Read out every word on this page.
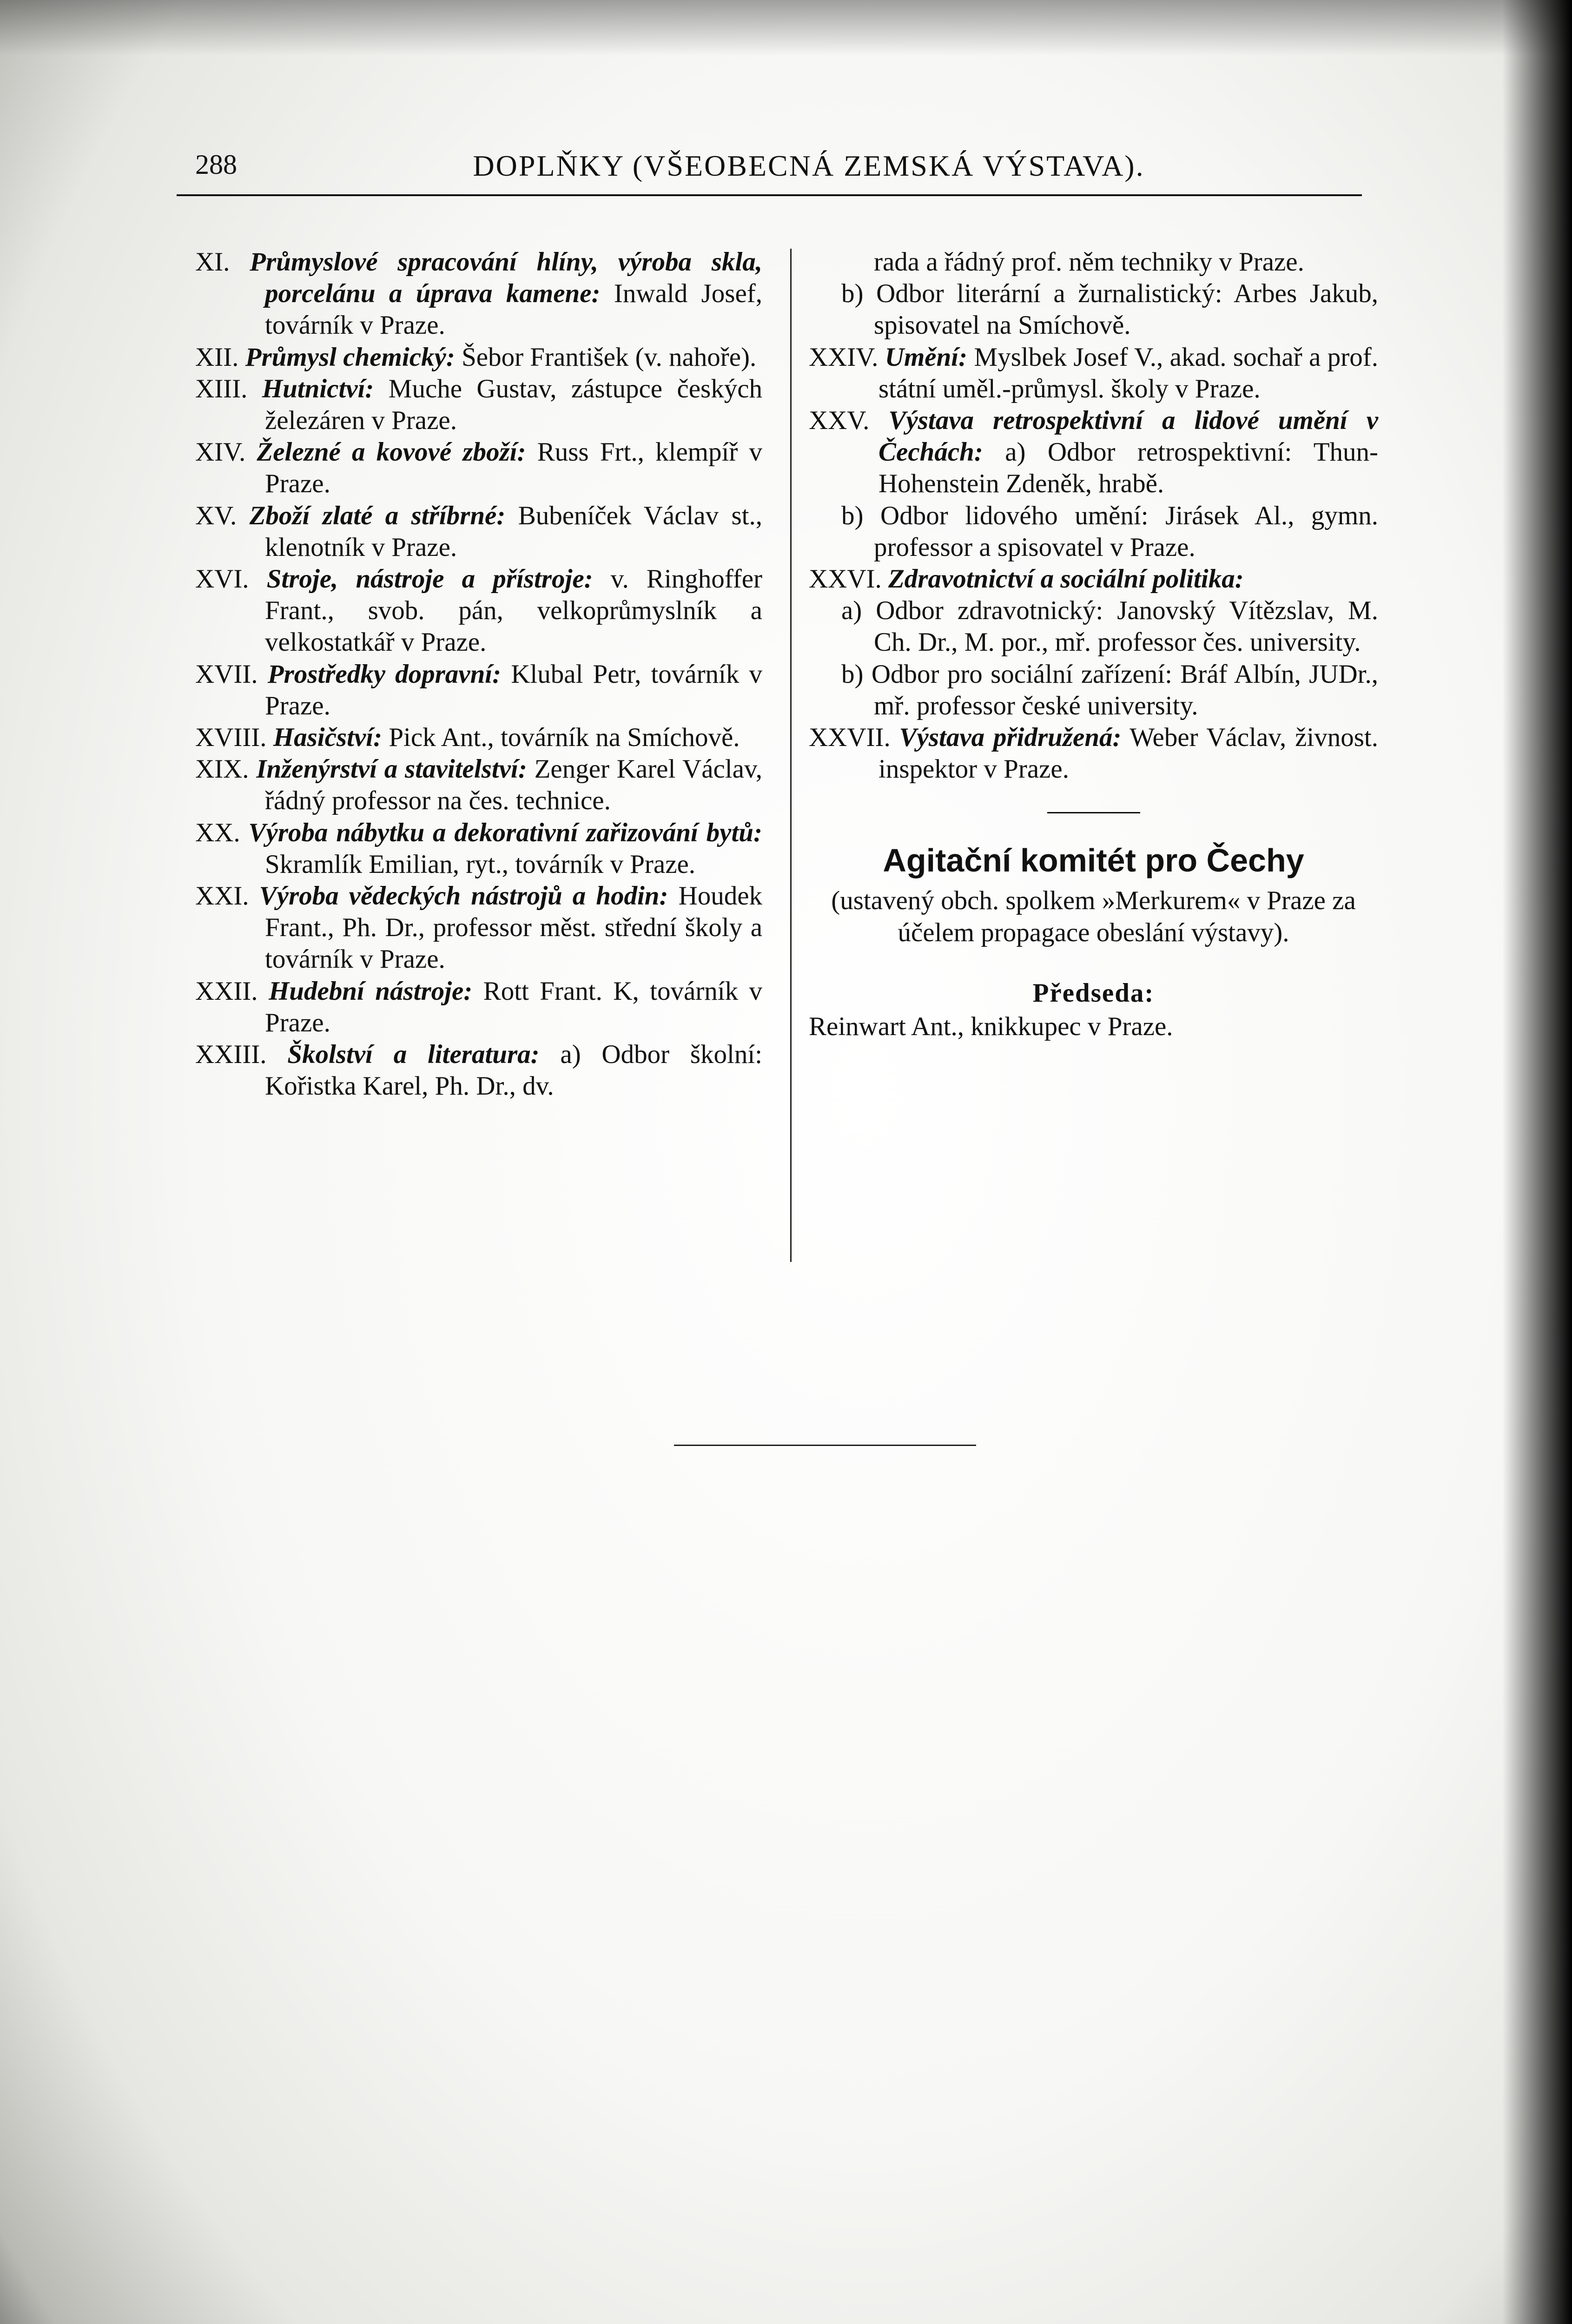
288	DOPLŇKY (VŠEOBECNÁ ZEMSKÁ VÝSTAVA).

XI. Průmyslové spracování hlíny, výroba skla, porcelánu a úprava kamene: Inwald Josef, továrník v Praze.

XII. Průmysl chemický: Šebor František (v. nahoře).

XIII. Hutnictví: Muche Gustav, zástupce českých železáren v Praze.

XIV. Železné a kovové zboží: Russ Frt., klempíř v Praze.

XV. Zboží zlaté a stříbrné: Bubeníček Václav st., klenotník v Praze.

XVI. Stroje, nástroje a přístroje: v. Ringhoffer Frant., svob. pán, velkoprůmyslník a velkostatkář v Praze.

XVII. Prostředky dopravní: Klubal Petr, továrník v Praze.

XVIII. Hasičství: Pick Ant., továrník na Smíchově.

XIX. Inženýrství a stavitelství: Zenger Karel Václav, řádný professor na čes. technice.

XX. Výroba nábytku a dekorativní zařizování bytů: Skramlík Emilian, ryt., továrník v Praze.

XXI. Výroba vědeckých nástrojů a hodin: Houdek Frant., Ph. Dr., professor měst. střední školy a továrník v Praze.

XXII. Hudební nástroje: Rott Frant. K, továrník v Praze.

XXIII. Školství a literatura: a) Odbor školní: Kořistka Karel, Ph. Dr., dv.

rada a řádný prof. něm techniky v Praze.

b) Odbor literární a žurnalistický: Arbes Jakub, spisovatel na Smíchově.

XXIV. Umění: Myslbek Josef V., akad. sochař a prof. státní uměl.-průmysl. školy v Praze.

XXV. Výstava retrospektivní a lidové umění v Čechách: a) Odbor retrospektivní: Thun-Hohenstein Zdeněk, hrabě.

b) Odbor lidového umění: Jirásek Al., gymn. professor a spisovatel v Praze.

XXVI. Zdravotnictví a sociální politika:

a) Odbor zdravotnický: Janovský Vítězslav, M. Ch. Dr., M. por., mř. professor čes. university.

b) Odbor pro sociální zařízení: Bráf Albín, JUDr., mř. professor české university.

XXVII. Výstava přidružená: Weber Václav, živnost. inspektor v Praze.

Agitační komitét pro Čechy

(ustavený obch. spolkem »Merkurem« v Praze za účelem propagace obeslání výstavy).

Předseda:

Reinwart Ant., knikkupec v Praze.
